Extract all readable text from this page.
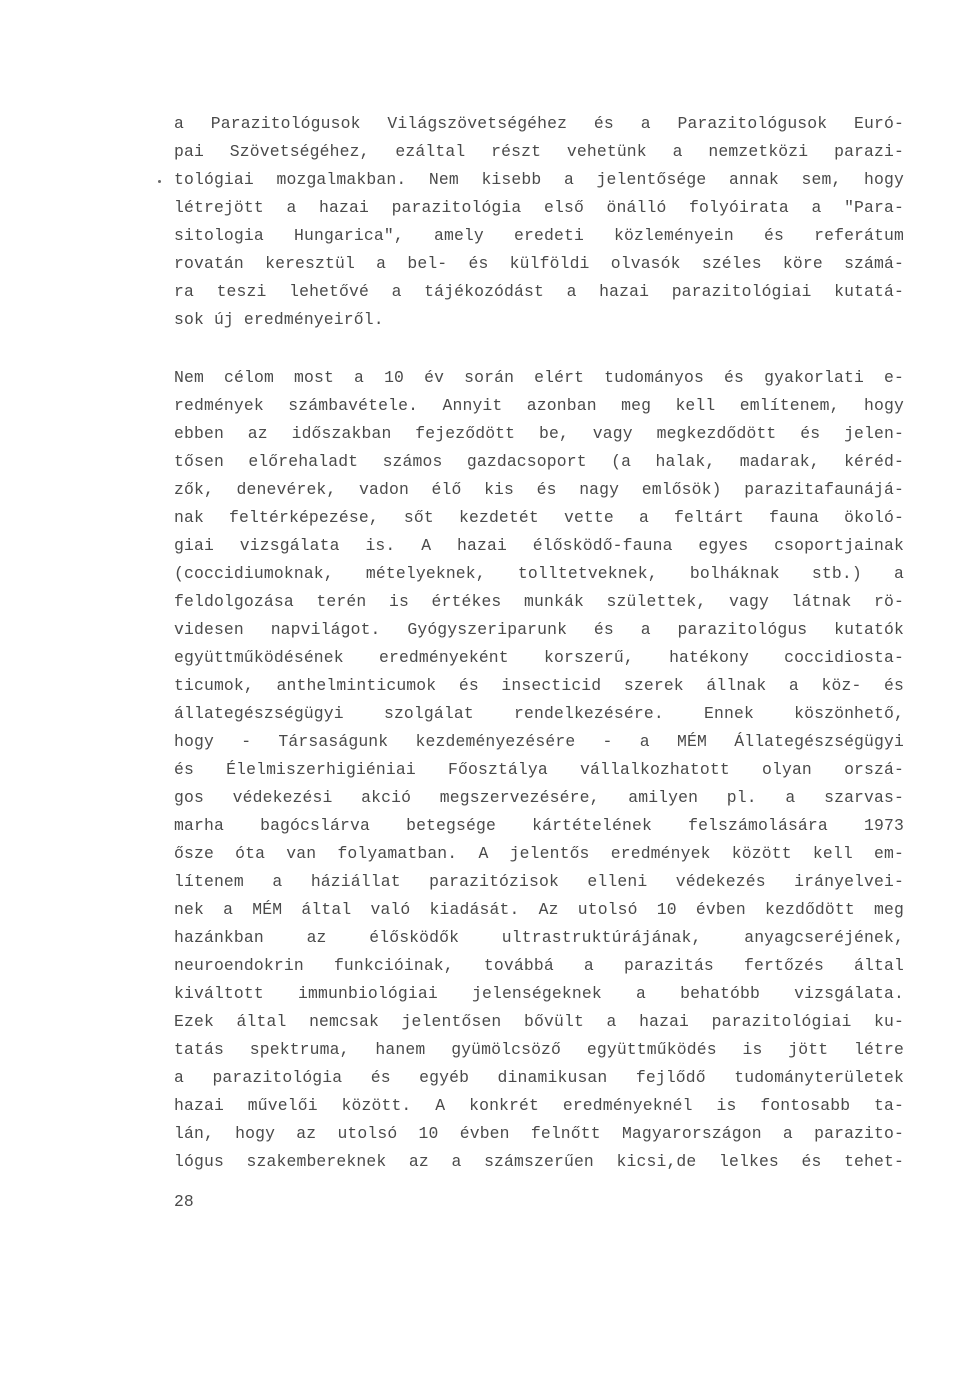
a Parazitológusok Világszövetségéhez és a Parazitológusok Euró-
pai Szövetségéhez, ezáltal részt vehetünk a nemzetközi parazi-
tológiai mozgalmakban. Nem kisebb a jelentősége annak sem, hogy
létrejött a hazai parazitológia első önálló folyóirata a "Para-
sitologia Hungarica", amely eredeti közleményein és referátum
rovatán keresztül a bel- és külföldi olvasók széles köre számá-
ra teszi lehetővé a tájékozódást a hazai parazitológiai kutatá-
sok új eredményeiről.
Nem célom most a 10 év során elért tudományos és gyakorlati e-
redmények számbavétele. Annyit azonban meg kell említenem, hogy
ebben az időszakban fejeződött be, vagy megkezdődött és jelen-
tősen előrehaladt számos gazdacsoport (a halak, madarak, kéréd-
zők, denevérek, vadon élő kis és nagy emlősök) parazitafaunájá-
nak feltérképezése, sőt kezdetét vette a feltárt fauna ökoló-
giai vizsgálata is. A hazai élősködő-fauna egyes csoportjainak
(coccidiumoknak, mételyeknek, tolltetveknek, bolháknak stb.) a
feldolgozása terén is értékes munkák születtek, vagy látnak rö-
videsen napvilágot. Gyógyszeriparunk és a parazitológus kutatók
együttműködésének eredményeként korszerű, hatékony coccidiosta-
ticumok, anthelminticumok és insecticid szerek állnak a köz- és
állategészségügyi szolgálat rendelkezésére. Ennek köszönhető,
hogy - Társaságunk kezdeményezésére - a MÉM Állategészségügyi
és Élelmiszerhigiéniai Főosztálya vállalkozhatott olyan orszá-
gos védekezési akció megszervezésére, amilyen pl. a szarvas-
marha bagócslárva betegsége kártételének felszámolására 1973
ősze óta van folyamatban. A jelentős eredmények között kell em-
lítenem a háziállat parazitózisok elleni védekezés irányelvei-
nek a MÉM által való kiadását. Az utolsó 10 évben kezdődött meg
hazánkban az élősködők ultrastruktúrájának, anyagcseréjének,
neuroendokrin funkcióinak, továbbá a parazitás fertőzés által
kiváltott immunbiológiai jelenségeknek a behatóbb vizsgálata.
Ezek által nemcsak jelentősen bővült a hazai parazitológiai ku-
tatás spektruma, hanem gyümölcsöző együttműködés is jött létre
a parazitológia és egyéb dinamikusan fejlődő tudományterületek
hazai művelői között. A konkrét eredményeknél is fontosabb ta-
lán, hogy az utolsó 10 évben felnőtt Magyarországon a parazito-
lógus szakembereknek az a számszerűen kicsi,de lelkes és tehet-
28
